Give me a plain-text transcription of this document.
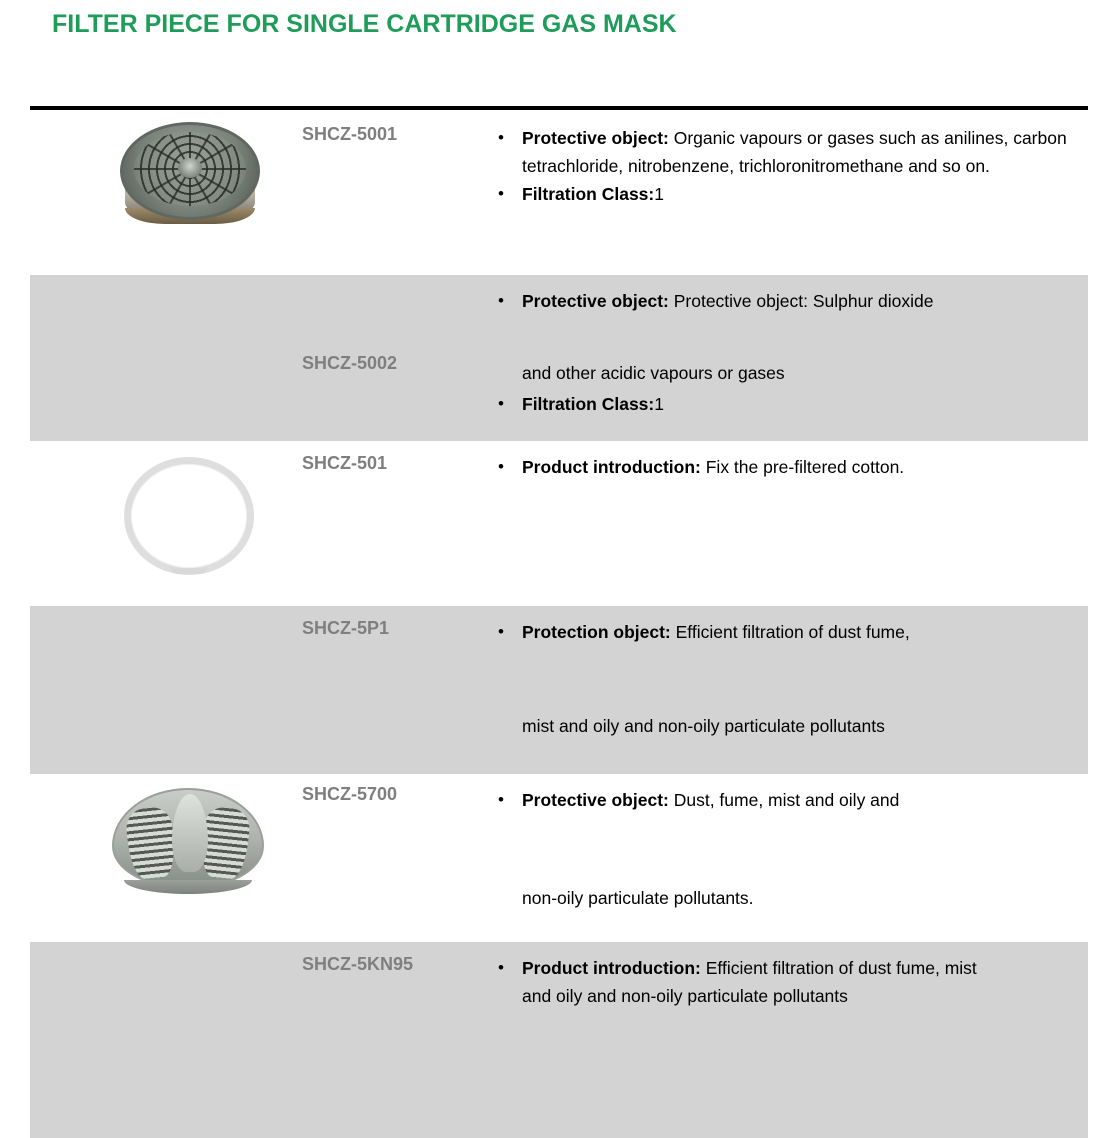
FILTER PIECE FOR SINGLE CARTRIDGE GAS MASK
SHCZ-5001	• Protective object: Organic vapours or gases such as anilines, carbon tetrachloride, nitrobenzene, trichloronitromethane and so on.
• Filtration Class:1
SHCZ-5002
• Protective object: Protective object: Sulphur dioxide
and other acidic vapours or gases
• Filtration Class:1
SHCZ-501	• Product introduction: Fix the pre-filtered cotton.
SHCZ-5P1	• Protection object: Efficient filtration of dust fume,
mist and oily and non-oily particulate pollutants
SHCZ-5700	• Protective object: Dust, fume, mist and oily and
non-oily particulate pollutants.
SHCZ-5KN95	• Product introduction: Efficient filtration of dust fume, mist and oily and non-oily particulate pollutants
